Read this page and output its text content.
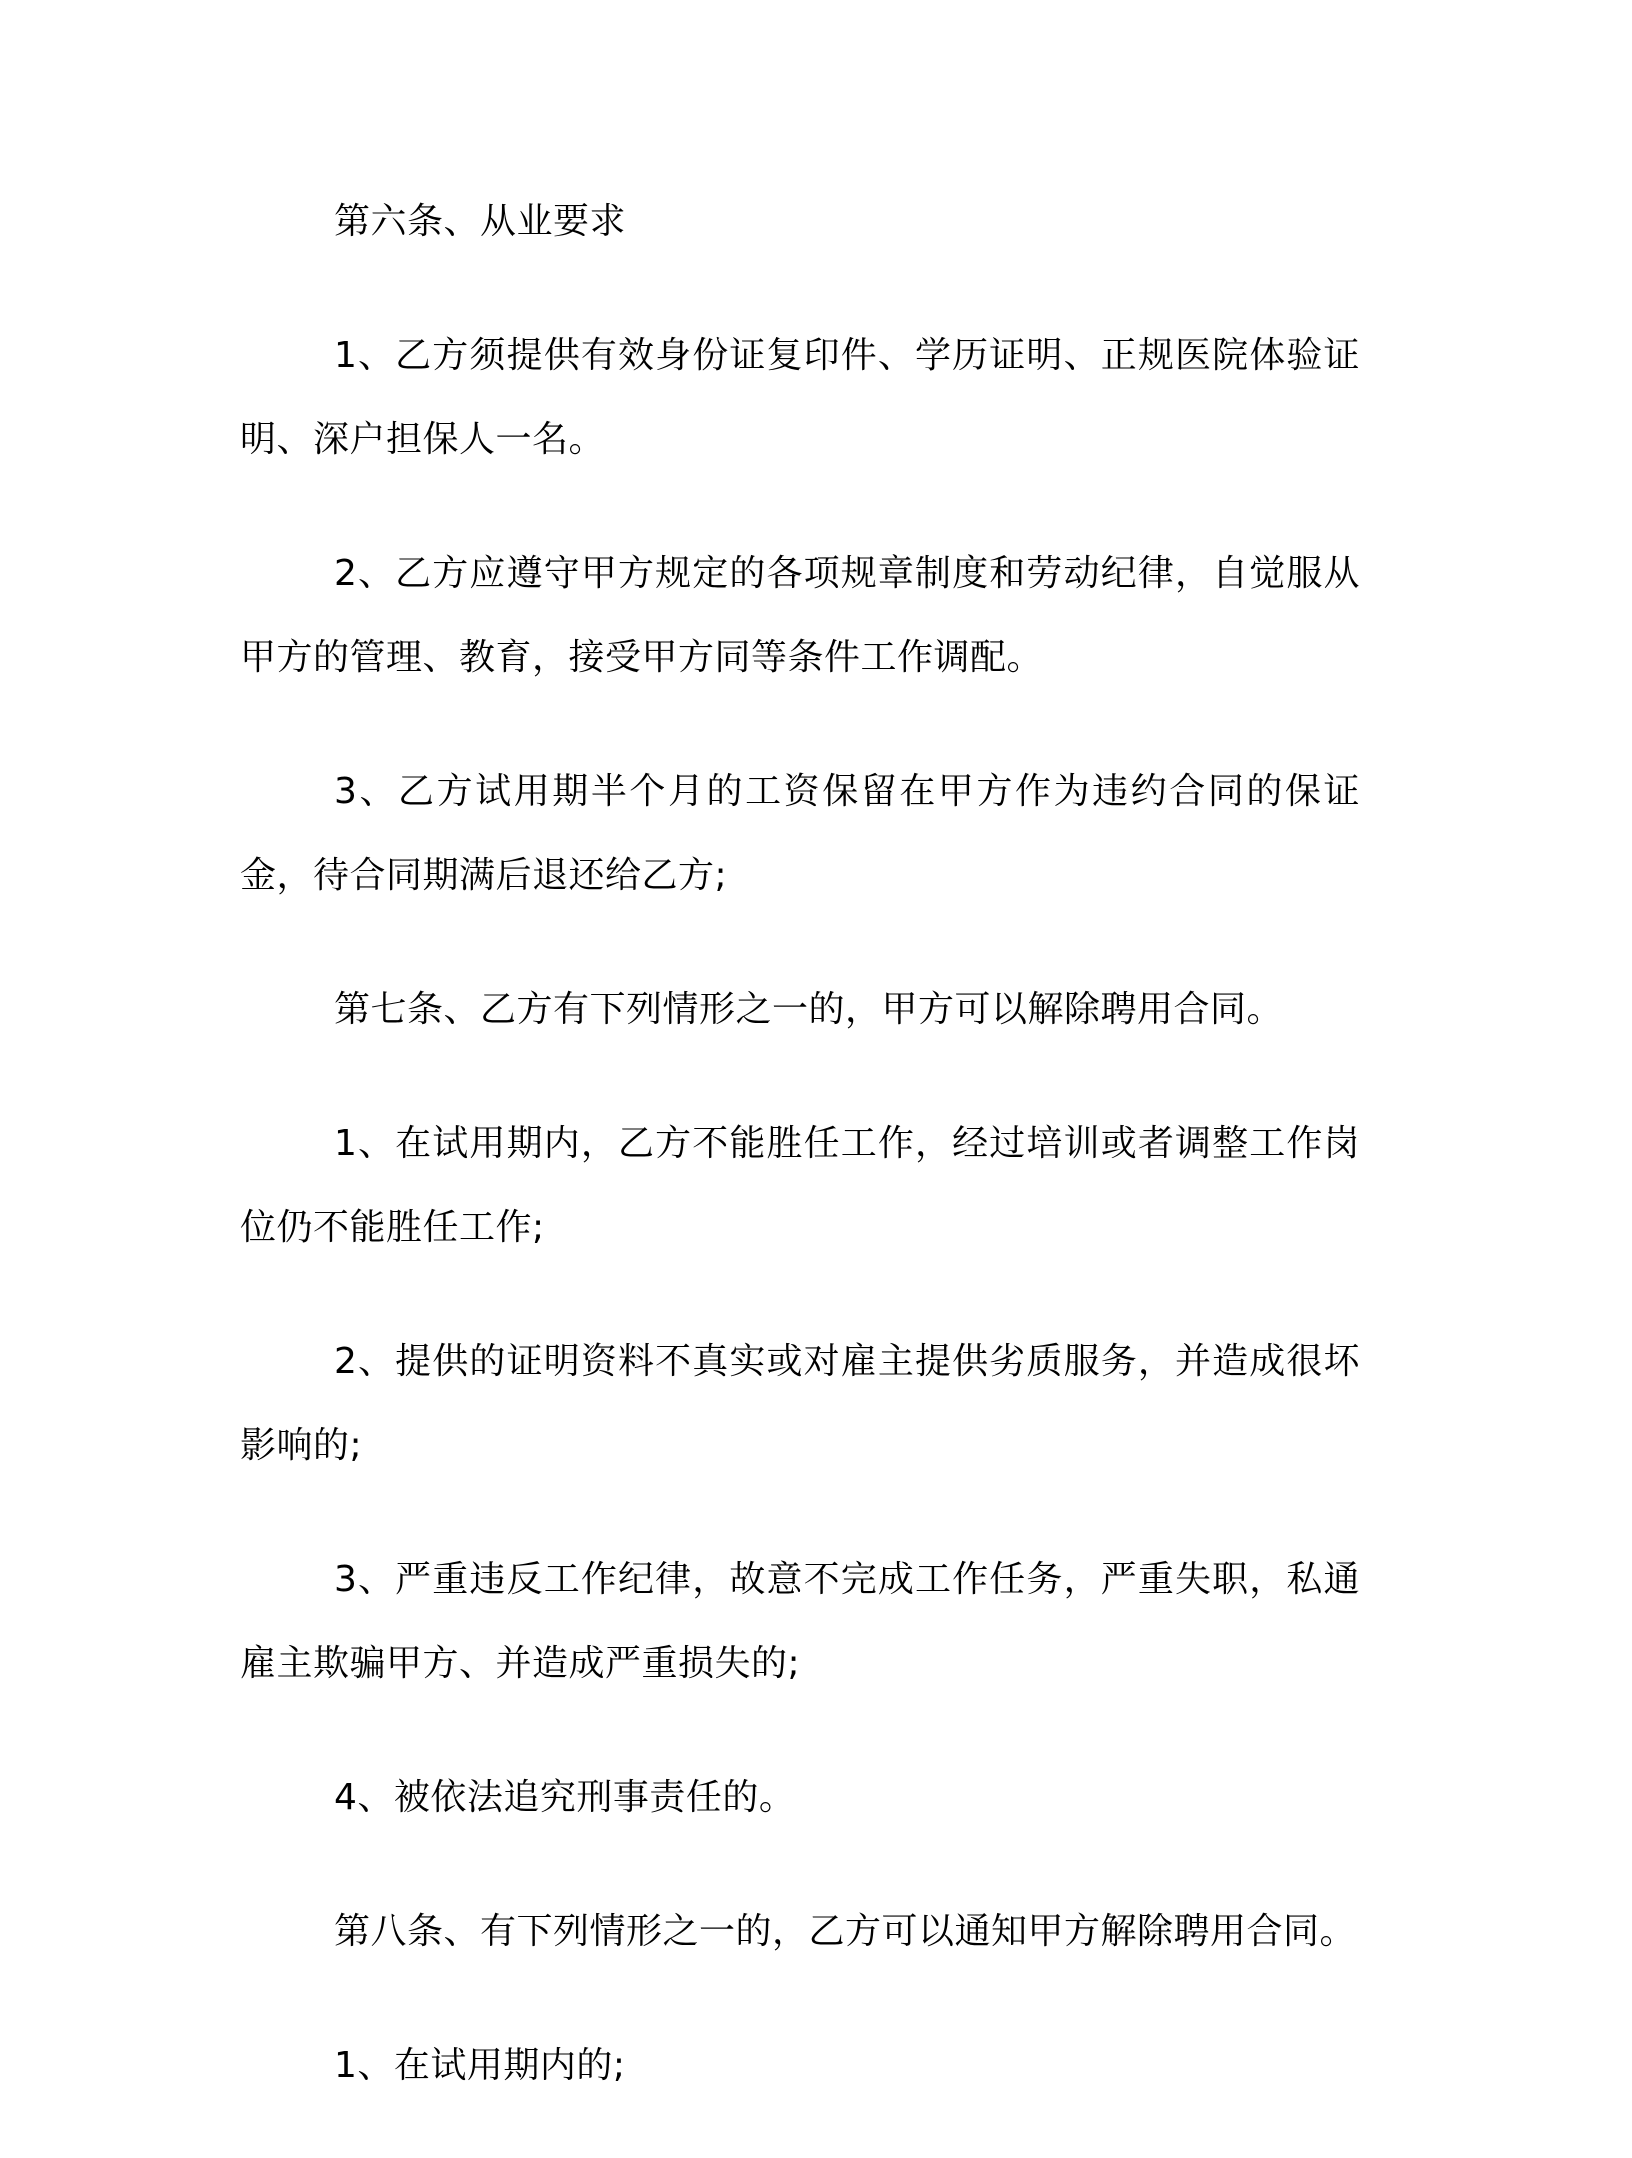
第六条、从业要求

1、乙方须提供有效身份证复印件、学历证明、正规医院体验证明、深户担保人一名。

2、乙方应遵守甲方规定的各项规章制度和劳动纪律，自觉服从甲方的管理、教育，接受甲方同等条件工作调配。

3、乙方试用期半个月的工资保留在甲方作为违约合同的保证金，待合同期满后退还给乙方;

第七条、乙方有下列情形之一的，甲方可以解除聘用合同。

1、在试用期内，乙方不能胜任工作，经过培训或者调整工作岗位仍不能胜任工作;

2、提供的证明资料不真实或对雇主提供劣质服务，并造成很坏影响的;

3、严重违反工作纪律，故意不完成工作任务，严重失职，私通雇主欺骗甲方、并造成严重损失的;

4、被依法追究刑事责任的。

第八条、有下列情形之一的，乙方可以通知甲方解除聘用合同。

1、在试用期内的;
